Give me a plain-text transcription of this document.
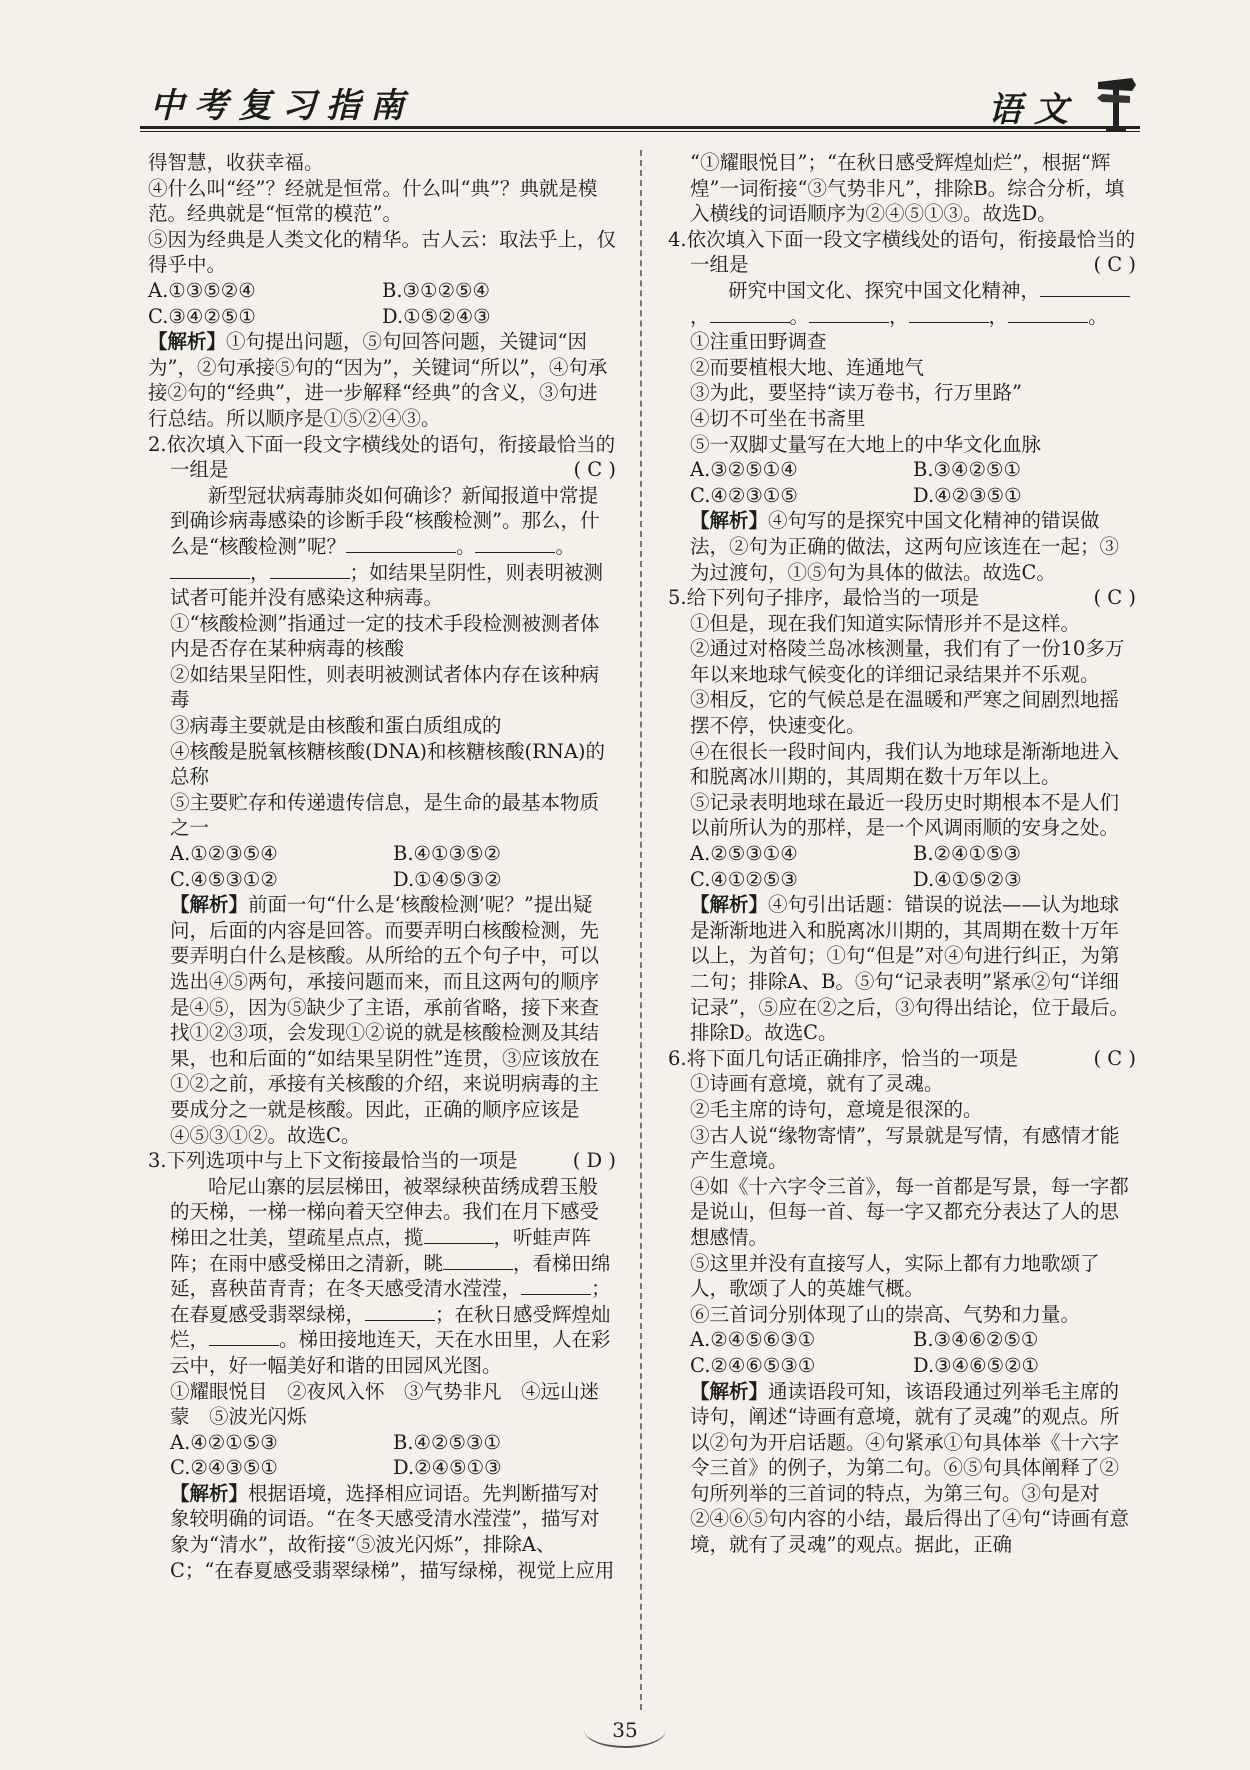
中考复习指南	语文

得智慧，收获幸福。

④什么叫“经”？经就是恒常。什么叫“典”？典就是模范。经典就是“恒常的模范”。

⑤因为经典是人类文化的精华。古人云：取法乎上，仅得乎中。

A.①③⑤②④	B.③①②⑤④
C.③④②⑤①	D.①⑤②④③

【解析】①句提出问题，⑤句回答问题，关键词“因为”，②句承接⑤句的“因为”，关键词“所以”，④句承接②句的“经典”，进一步解释“经典”的含义，③句进行总结。所以顺序是①⑤②④③。

2.依次填入下面一段文字横线处的语句，衔接最恰当的一组是	( C )

新型冠状病毒肺炎如何确诊？新闻报道中常提到确诊病毒感染的诊断手段“核酸检测”。那么，什么是“核酸检测”呢？	。	。，	；如结果呈阴性，则表明被测试者可能并没有感染这种病毒。

①“核酸检测”指通过一定的技术手段检测被测者体内是否存在某种病毒的核酸

②如结果呈阳性，则表明被测试者体内存在该种病毒

③病毒主要就是由核酸和蛋白质组成的

④核酸是脱氧核糖核酸(DNA)和核糖核酸(RNA)的总称

⑤主要贮存和传递遗传信息，是生命的最基本物质之一

A.①②③⑤④	B.④①③⑤②
C.④⑤③①②	D.①④⑤③②

【解析】前面一句“什么是‘核酸检测’呢？”提出疑问，后面的内容是回答。而要弄明白核酸检测，先要弄明白什么是核酸。从所给的五个句子中，可以选出④⑤两句，承接问题而来，而且这两句的顺序是④⑤，因为⑤缺少了主语，承前省略，接下来查找①②③项，会发现①②说的就是核酸检测及其结果，也和后面的“如结果呈阴性”连贯，③应该放在①②之前，承接有关核酸的介绍，来说明病毒的主要成分之一就是核酸。因此，正确的顺序应该是④⑤③①②。故选C。

3.下列选项中与上下文衔接最恰当的一项是	( D )

哈尼山寨的层层梯田，被翠绿秧苗绣成碧玉般的天梯，一梯一梯向着天空伸去。我们在月下感受梯田之壮美，望疏星点点，揽	，听蛙声阵阵；在雨中感受梯田之清新，眺	，看梯田绵延，喜秧苗青青；在冬天感受清水滢滢，	；在春夏感受翡翠绿梯，	；在秋日感受辉煌灿烂，	。梯田接地连天，天在水田里，人在彩云中，好一幅美好和谐的田园风光图。

①耀眼悦目　②夜风入怀　③气势非凡　④远山迷蒙　⑤波光闪烁

A.④②①⑤③	B.④②⑤③①
C.②④③⑤①	D.②④⑤①③

【解析】根据语境，选择相应词语。先判断描写对象较明确的词语。“在冬天感受清水滢滢”，描写对象为“清水”，故衔接“⑤波光闪烁”，排除A、C；“在春夏感受翡翠绿梯”，描写绿梯，视觉上应用

“①耀眼悦目”；“在秋日感受辉煌灿烂”，根据“辉煌”一词衔接“③气势非凡”，排除B。综合分析，填入横线的词语顺序为②④⑤①③。故选D。

4.依次填入下面一段文字横线处的语句，衔接最恰当的一组是	( C )

研究中国文化、探究中国文化精神，，	。	，	，	。

①注重田野调查

②而要植根大地、连通地气

③为此，要坚持“读万卷书，行万里路”

④切不可坐在书斋里

⑤一双脚丈量写在大地上的中华文化血脉

A.③②⑤①④	B.③④②⑤①
C.④②③①⑤	D.④②③⑤①

【解析】④句写的是探究中国文化精神的错误做法，②句为正确的做法，这两句应该连在一起；③为过渡句，①⑤句为具体的做法。故选C。

5.给下列句子排序，最恰当的一项是	( C )

①但是，现在我们知道实际情形并不是这样。

②通过对格陵兰岛冰核测量，我们有了一份10多万年以来地球气候变化的详细记录结果并不乐观。

③相反，它的气候总是在温暖和严寒之间剧烈地摇摆不停，快速变化。

④在很长一段时间内，我们认为地球是渐渐地进入和脱离冰川期的，其周期在数十万年以上。

⑤记录表明地球在最近一段历史时期根本不是人们以前所认为的那样，是一个风调雨顺的安身之处。

A.②⑤③①④	B.②④①⑤③
C.④①②⑤③	D.④①⑤②③

【解析】④句引出话题：错误的说法——认为地球是渐渐地进入和脱离冰川期的，其周期在数十万年以上，为首句；①句“但是”对④句进行纠正，为第二句；排除A、B。⑤句“记录表明”紧承②句“详细记录”，⑤应在②之后，③句得出结论，位于最后。排除D。故选C。

6.将下面几句话正确排序，恰当的一项是	( C )

①诗画有意境，就有了灵魂。

②毛主席的诗句，意境是很深的。

③古人说“缘物寄情”，写景就是写情，有感情才能产生意境。

④如《十六字令三首》，每一首都是写景，每一字都是说山，但每一首、每一字又都充分表达了人的思想感情。

⑤这里并没有直接写人，实际上都有力地歌颂了人，歌颂了人的英雄气概。

⑥三首词分别体现了山的崇高、气势和力量。

A.②④⑤⑥③①	B.③④⑥②⑤①
C.②④⑥⑤③①	D.③④⑥⑤②①

【解析】通读语段可知，该语段通过列举毛主席的诗句，阐述“诗画有意境，就有了灵魂”的观点。所以②句为开启话题。④句紧承①句具体举《十六字令三首》的例子，为第二句。⑥⑤句具体阐释了②句所列举的三首词的特点，为第三句。③句是对②④⑥⑤句内容的小结，最后得出了④句“诗画有意境，就有了灵魂”的观点。据此，正确

35
